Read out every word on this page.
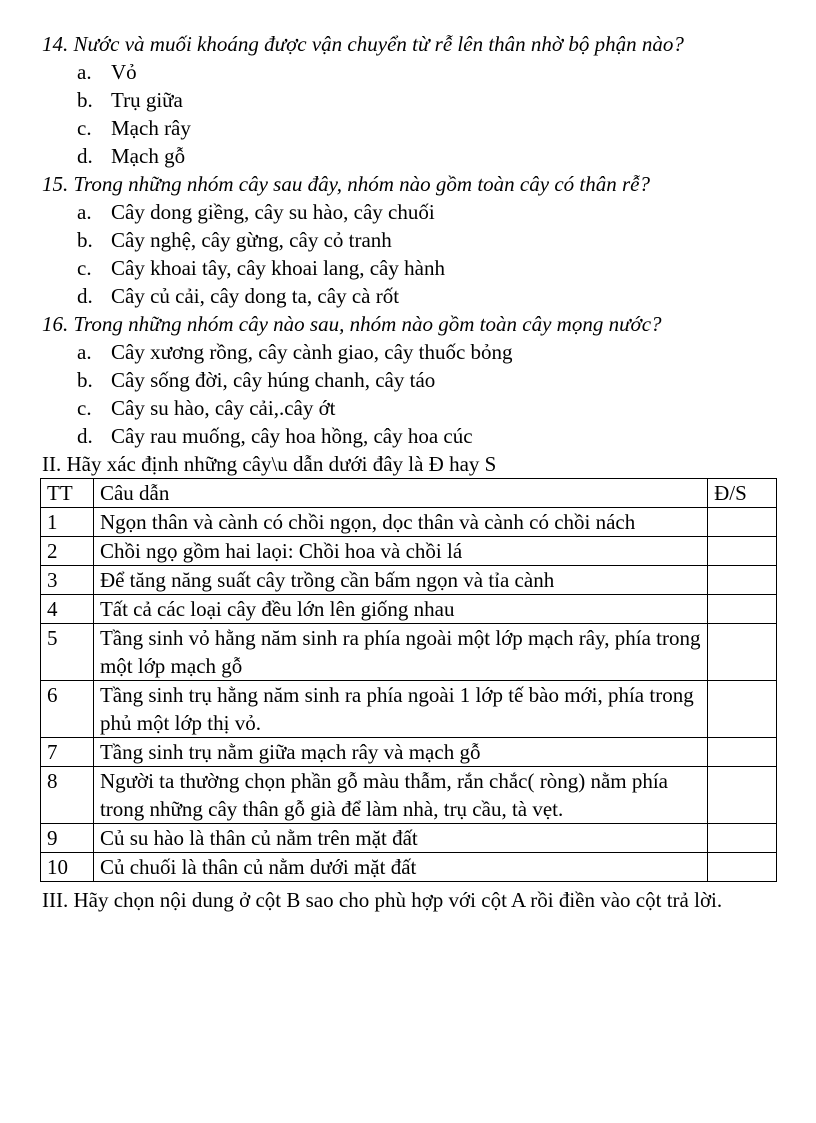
14. Nước và muối khoáng được vận chuyển từ rễ lên thân nhờ bộ phận nào?

a. Vỏ
b. Trụ giữa
c. Mạch rây
d. Mạch gỗ

15. Trong những nhóm cây sau đây, nhóm nào gồm toàn cây có thân rễ?

a. Cây dong giềng, cây su hào, cây chuối
b. Cây nghệ, cây gừng, cây cỏ tranh
c. Cây khoai tây, cây khoai lang, cây hành
d. Cây củ cải, cây dong ta, cây cà rốt

16. Trong những nhóm cây nào sau, nhóm nào gồm toàn cây mọng nước?

a. Cây xương rồng, cây cành giao, cây thuốc bỏng
b. Cây sống đời, cây húng chanh, cây táo
c. Cây su hào, cây cải,.cây ớt
d. Cây rau muống, cây hoa hồng, cây hoa cúc

II. Hãy xác định những cây\u dẫn dưới đây là Đ hay S

TT	Câu dẫn	Đ/S
1	Ngọn thân và cành có chồi ngọn, dọc thân và cành có chồi nách	
2	Chồi ngọ gồm hai laọi: Chồi hoa và chồi lá	
3	Để tăng năng suất cây trồng cần bấm ngọn và tỉa cành	
4	Tất cả các loại cây đều lớn lên giống nhau	
5	Tầng sinh vỏ hằng năm sinh ra phía ngoài một lớp mạch rây, phía trong một lớp mạch gỗ	
6	Tầng sinh trụ hằng năm sinh ra phía ngoài 1 lớp tế bào mới, phía trong phủ một lớp thị vỏ.	
7	Tầng sinh trụ nằm giữa mạch rây và mạch gỗ	
8	Người ta thường chọn phần gỗ màu thẫm, rắn chắc( ròng) nằm phía trong những cây thân gỗ già để làm nhà, trụ cầu, tà vẹt.	
9	Củ su hào là thân củ nằm trên mặt đất	
10	Củ chuối là thân củ nằm dưới mặt đất	

III. Hãy chọn nội dung ở cột B sao cho phù hợp với cột A rồi điền vào cột trả lời.
